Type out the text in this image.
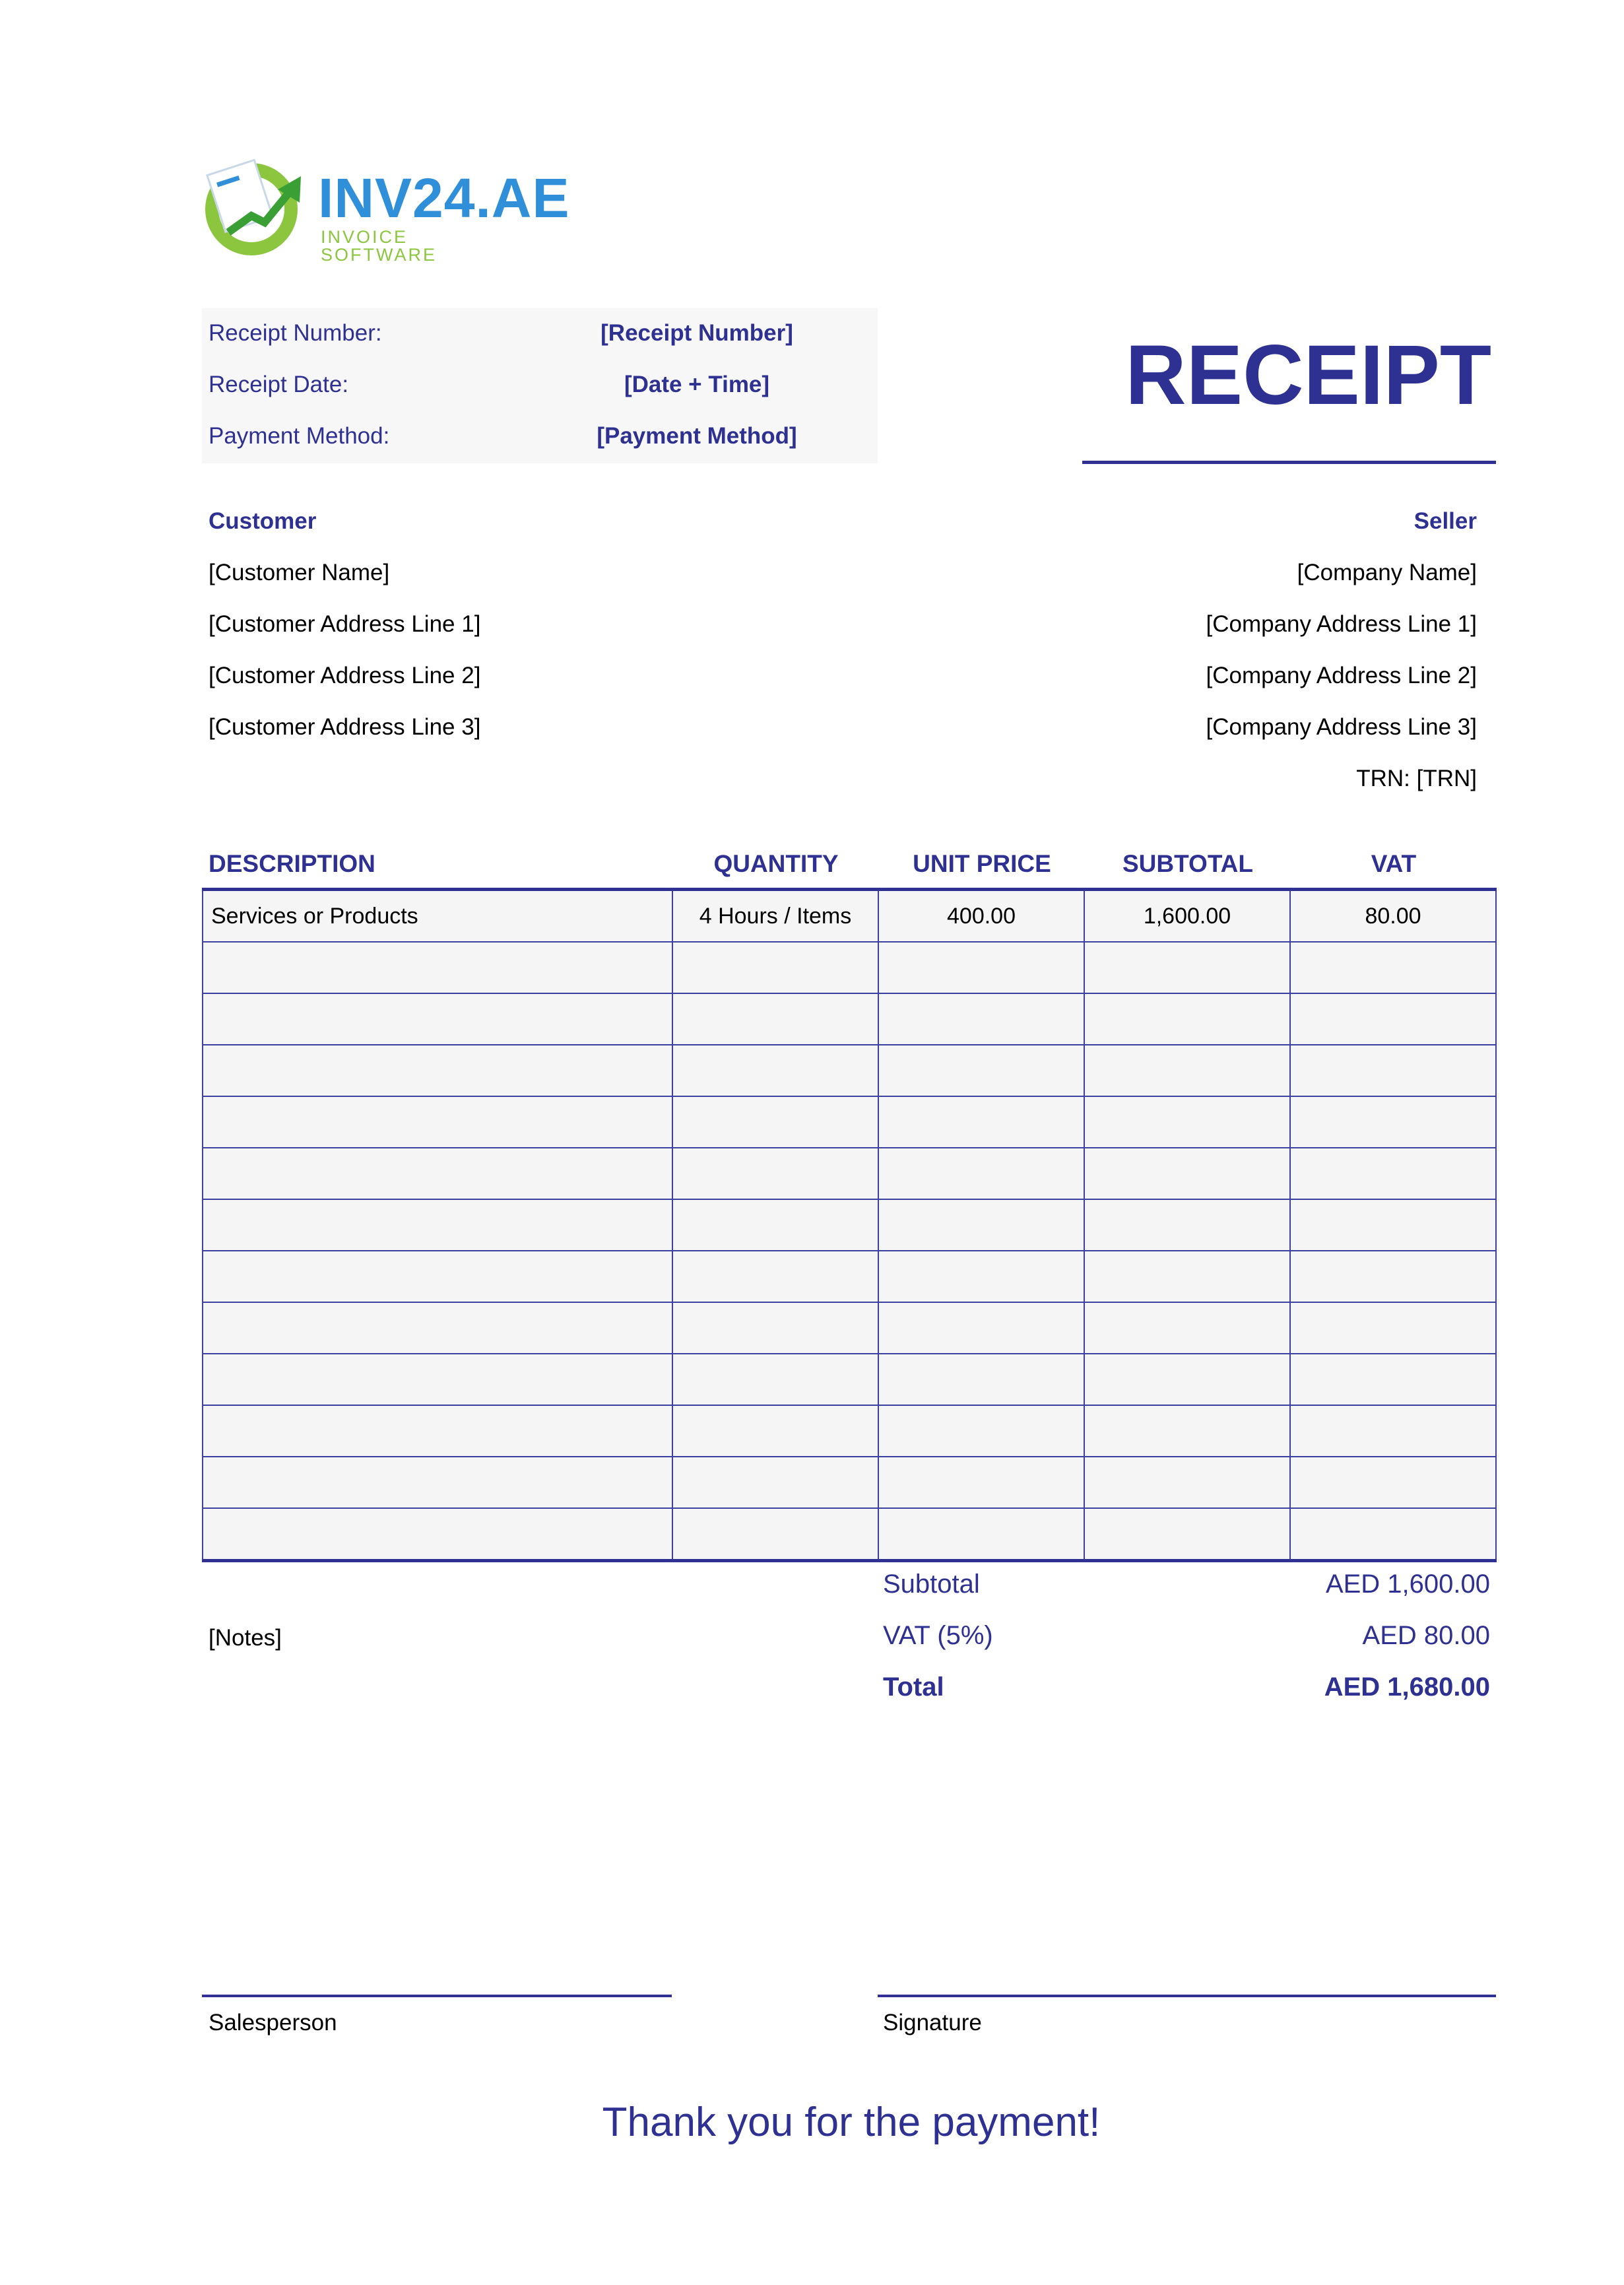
INV24.AE
INVOICE SOFTWARE
Receipt Number:	[Receipt Number]
Receipt Date:	[Date + Time]
Payment Method:	[Payment Method]
RECEIPT
Customer
[Customer Name]
[Customer Address Line 1]
[Customer Address Line 2]
[Customer Address Line 3]
Seller
[Company Name]
[Company Address Line 1]
[Company Address Line 2]
[Company Address Line 3]
TRN: [TRN]
DESCRIPTION	QUANTITY	UNIT PRICE	SUBTOTAL	VAT
Services or Products	4 Hours / Items	400.00	1,600.00	80.00

Subtotal	AED 1,600.00
VAT (5%)	AED 80.00
Total	AED 1,680.00
[Notes]
Salesperson	Signature
Thank you for the payment!
